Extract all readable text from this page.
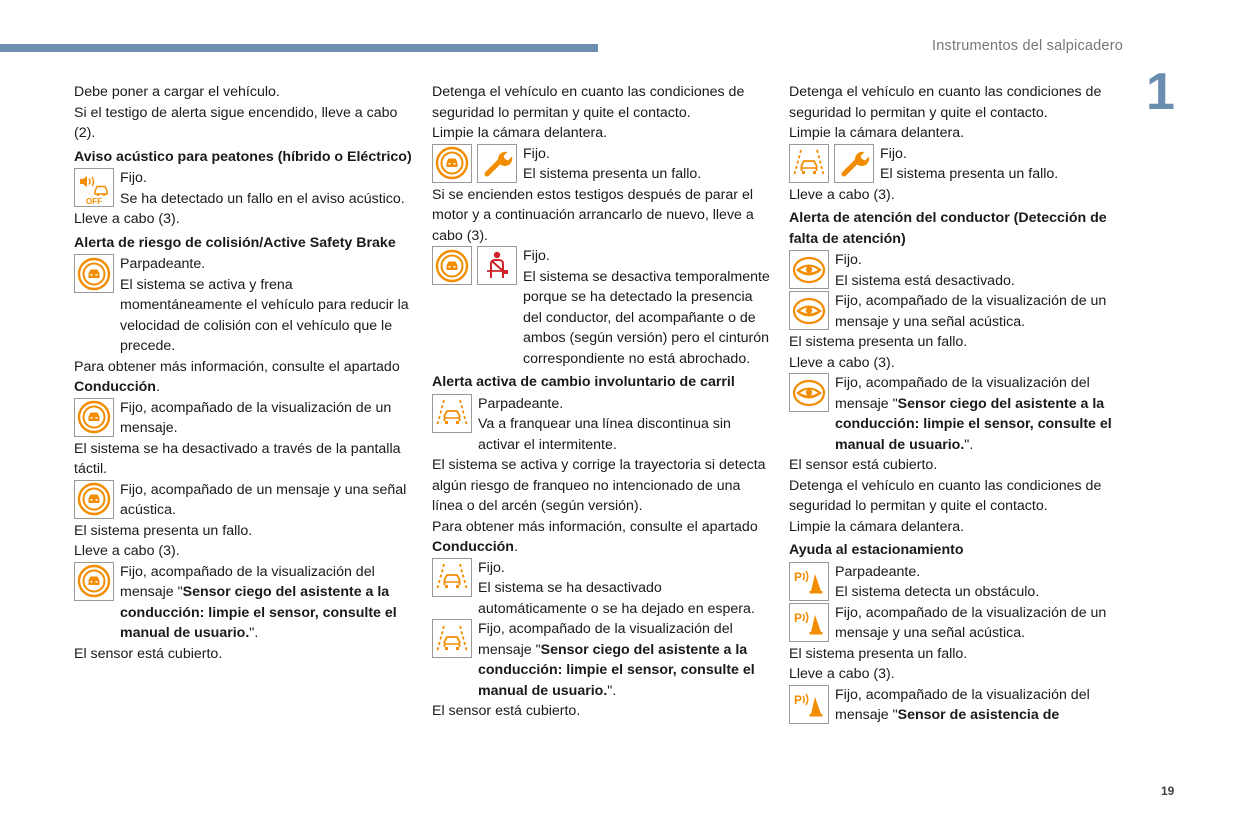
Instrumentos del salpicadero
1
19

Debe poner a cargar el vehículo.

Si el testigo de alerta sigue encendido, lleve a cabo (2).

Aviso acústico para peatones (híbrido o Eléctrico)

Fijo.

Se ha detectado un fallo en el aviso acústico.

Lleve a cabo (3).

Alerta de riesgo de colisión/Active Safety Brake

Parpadeante.

El sistema se activa y frena momentáneamente el vehículo para reducir la velocidad de colisión con el vehículo que le precede.

Para obtener más información, consulte el apartado Conducción.

Fijo, acompañado de la visualización de un mensaje.

El sistema se ha desactivado a través de la pantalla táctil.

Fijo, acompañado de un mensaje y una señal acústica.

El sistema presenta un fallo.

Lleve a cabo (3).

Fijo, acompañado de la visualización del mensaje "Sensor ciego del asistente a la conducción: limpie el sensor, consulte el manual de usuario.".

El sensor está cubierto.

Detenga el vehículo en cuanto las condiciones de seguridad lo permitan y quite el contacto.

Limpie la cámara delantera.

Fijo.

El sistema presenta un fallo.

Si se encienden estos testigos después de parar el motor y a continuación arrancarlo de nuevo, lleve a cabo (3).

Fijo.

El sistema se desactiva temporalmente porque se ha detectado la presencia del conductor, del acompañante o de ambos (según versión) pero el cinturón correspondiente no está abrochado.

Alerta activa de cambio involuntario de carril

Parpadeante.

Va a franquear una línea discontinua sin activar el intermitente.

El sistema se activa y corrige la trayectoria si detecta algún riesgo de franqueo no intencionado de una línea o del arcén (según versión).

Para obtener más información, consulte el apartado Conducción.

Fijo.

El sistema se ha desactivado automáticamente o se ha dejado en espera.

Fijo, acompañado de la visualización del mensaje "Sensor ciego del asistente a la conducción: limpie el sensor, consulte el manual de usuario.".

El sensor está cubierto.

Detenga el vehículo en cuanto las condiciones de seguridad lo permitan y quite el contacto.

Limpie la cámara delantera.

Fijo.

El sistema presenta un fallo.

Lleve a cabo (3).

Alerta de atención del conductor (Detección de falta de atención)

Fijo.

El sistema está desactivado.

Fijo, acompañado de la visualización de un mensaje y una señal acústica.

El sistema presenta un fallo.

Lleve a cabo (3).

Fijo, acompañado de la visualización del mensaje "Sensor ciego del asistente a la conducción: limpie el sensor, consulte el manual de usuario.".

El sensor está cubierto.

Detenga el vehículo en cuanto las condiciones de seguridad lo permitan y quite el contacto.

Limpie la cámara delantera.

Ayuda al estacionamiento

Parpadeante.

El sistema detecta un obstáculo.

Fijo, acompañado de la visualización de un mensaje y una señal acústica.

El sistema presenta un fallo.

Lleve a cabo (3).

Fijo, acompañado de la visualización del mensaje "Sensor de asistencia de
